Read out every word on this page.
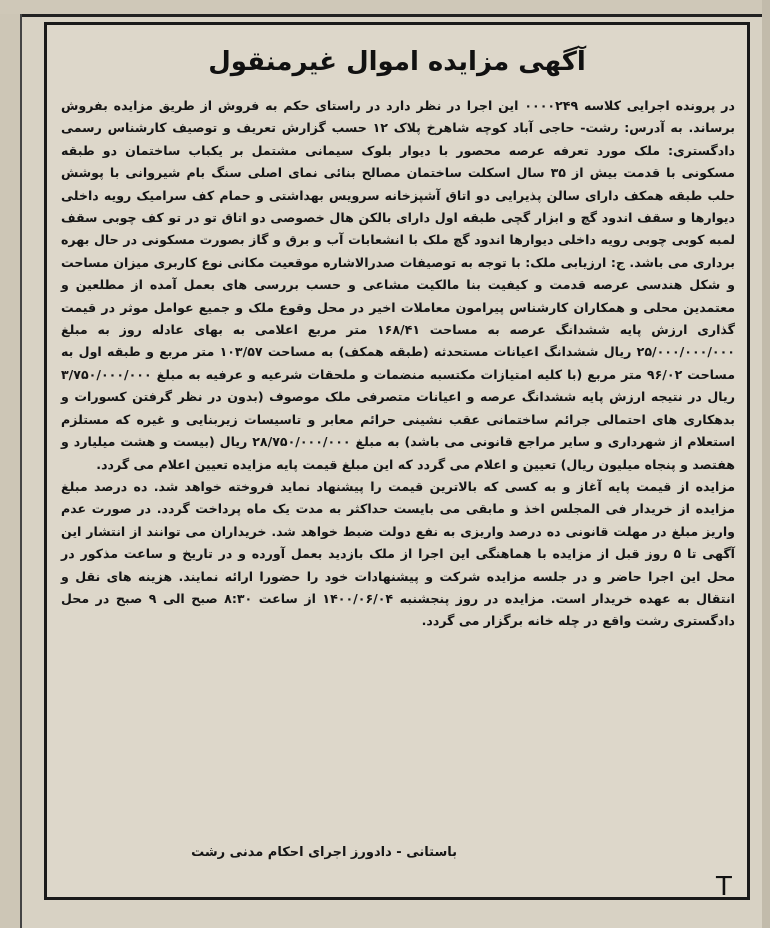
آگهی مزایده اموال غیرمنقول

در پرونده اجرایی کلاسه ۰۰۰۰۲۴۹ این اجرا در نظر دارد در راستای حکم به فروش از طریق مزایده بفروش برساند. به آدرس: رشت- حاجی آباد کوچه شاهرخ پلاک ۱۲ حسب گزارش تعریف و توصیف کارشناس رسمی دادگستری: ملک مورد تعرفه عرصه محصور با دیوار بلوک سیمانی مشتمل بر یکباب ساختمان دو طبقه مسکونی با قدمت بیش از ۳۵ سال اسکلت ساختمان مصالح بنائی نمای اصلی سنگ بام شیروانی با پوشش حلب طبقه همکف دارای سالن پذیرایی دو اتاق آشپزخانه سرویس بهداشتی و حمام کف سرامیک رویه داخلی دیوارها و سقف اندود گچ و ابزار گچی طبقه اول دارای بالکن هال خصوصی دو اتاق تو در تو کف چوبی سقف لمبه کوبی چوبی رویه داخلی دیوارها اندود گچ ملک با انشعابات آب و برق و گاز بصورت مسکونی در حال بهره برداری می باشد. ج: ارزیابی ملک: با توجه به توصیفات صدرالاشاره موقعیت مکانی نوع کاربری میزان مساحت و شکل هندسی عرصه قدمت و کیفیت بنا مالکیت مشاعی و حسب بررسی های بعمل آمده از مطلعین و معتمدین محلی و همکاران کارشناس پیرامون معاملات اخیر در محل وقوع ملک و جمیع عوامل موثر در قیمت گذاری ارزش پایه ششدانگ عرصه به مساحت ۱۶۸/۴۱ متر مربع اعلامی به بهای عادله روز به مبلغ ۲۵/۰۰۰/۰۰۰/۰۰۰ ریال ششدانگ اعیانات مستحدثه (طبقه همکف) به مساحت ۱۰۳/۵۷ متر مربع و طبقه اول به مساحت ۹۶/۰۲ متر مربع (با کلیه امتیازات مکتسبه منضمات و ملحقات شرعیه و عرفیه به مبلغ ۳/۷۵۰/۰۰۰/۰۰۰ ریال در نتیجه ارزش پایه ششدانگ عرصه و اعیانات متصرفی ملک موصوف (بدون در نظر گرفتن کسورات و بدهکاری های احتمالی جرائم ساختمانی عقب نشینی حرائم معابر و تاسیسات زیربنایی و غیره که مستلزم استعلام از شهرداری و سایر مراجع قانونی می باشد) به مبلغ ۲۸/۷۵۰/۰۰۰/۰۰۰ ریال (بیست و هشت میلیارد و هفتصد و پنجاه میلیون ریال) تعیین و اعلام می گردد که این مبلغ قیمت پایه مزایده تعیین اعلام می گردد.

مزایده از قیمت پایه آغاز و به کسی که بالاترین قیمت را پیشنهاد نماید فروخته خواهد شد. ده درصد مبلغ مزایده از خریدار فی المجلس اخذ و مابقی می بایست حداکثر به مدت یک ماه پرداخت گردد. در صورت عدم واریز مبلغ در مهلت قانونی ده درصد واریزی به نفع دولت ضبط خواهد شد. خریداران می توانند از انتشار این آگهی تا ۵ روز قبل از مزایده با هماهنگی این اجرا از ملک بازدید بعمل آورده و در تاریخ و ساعت مذکور در محل این اجرا حاضر و در جلسه مزایده شرکت و پیشنهادات خود را حضورا ارائه نمایند. هزینه های نقل و انتقال به عهده خریدار است. مزایده در روز پنجشنبه ۱۴۰۰/۰۶/۰۴ از ساعت ۸:۳۰ صبح الی ۹ صبح در محل دادگستری رشت واقع در چله خانه برگزار می گردد.

باستانی - دادورز اجرای احکام مدنی رشت
T
